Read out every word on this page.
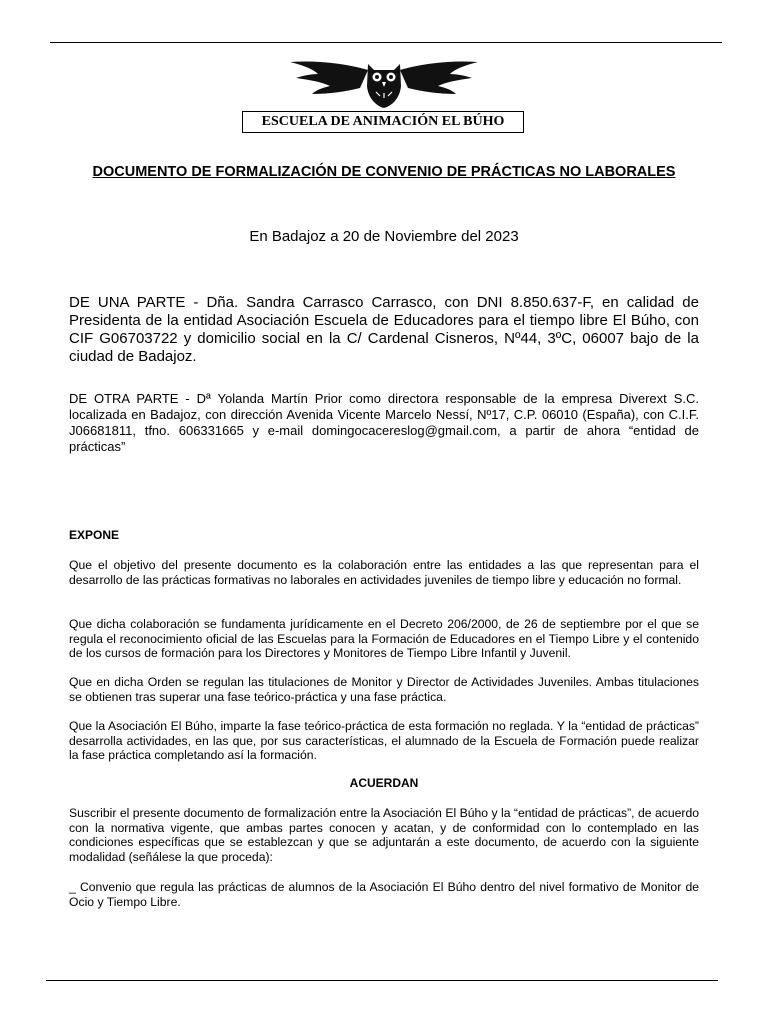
ESCUELA DE ANIMACIÓN EL BÚHO
DOCUMENTO DE FORMALIZACIÓN DE CONVENIO DE PRÁCTICAS NO LABORALES
En Badajoz a 20 de Noviembre del 2023
DE UNA PARTE - Dña. Sandra Carrasco Carrasco, con DNI 8.850.637-F, en calidad de Presidenta de la entidad Asociación Escuela de Educadores para el tiempo libre El Búho, con CIF G06703722 y domicilio social en la C/ Cardenal Cisneros, Nº44, 3ºC, 06007 bajo de la ciudad de Badajoz.
DE OTRA PARTE - Dª Yolanda Martín Prior como directora responsable de la empresa Diverext S.C. localizada en Badajoz, con dirección Avenida Vicente Marcelo Nessí, Nº17, C.P. 06010 (España), con C.I.F. J06681811, tfno. 606331665 y e-mail domingocacereslog@gmail.com, a partir de ahora “entidad de prácticas”
EXPONE
Que el objetivo del presente documento es la colaboración entre las entidades a las que representan para el desarrollo de las prácticas formativas no laborales en actividades juveniles de tiempo libre y educación no formal.
Que dicha colaboración se fundamenta jurídicamente en el Decreto 206/2000, de 26 de septiembre por el que se regula el reconocimiento oficial de las Escuelas para la Formación de Educadores en el Tiempo Libre y el contenido de los cursos de formación para los Directores y Monitores de Tiempo Libre Infantil y Juvenil.
Que en dicha Orden se regulan las titulaciones de Monitor y Director de Actividades Juveniles. Ambas titulaciones se obtienen tras superar una fase teórico-práctica y una fase práctica.
Que la Asociación El Búho, imparte la fase teórico-práctica de esta formación no reglada. Y la “entidad de prácticas” desarrolla actividades, en las que, por sus características, el alumnado de la Escuela de Formación puede realizar la fase práctica completando así la formación.
ACUERDAN
Suscribir el presente documento de formalización entre la Asociación El Búho y la “entidad de prácticas”, de acuerdo con la normativa vigente, que ambas partes conocen y acatan, y de conformidad con lo contemplado en las condiciones específicas que se establezcan y que se adjuntarán a este documento, de acuerdo con la siguiente modalidad (señálese la que proceda):
_ Convenio que regula las prácticas de alumnos de la Asociación El Búho dentro del nivel formativo de Monitor de Ocio y Tiempo Libre.
